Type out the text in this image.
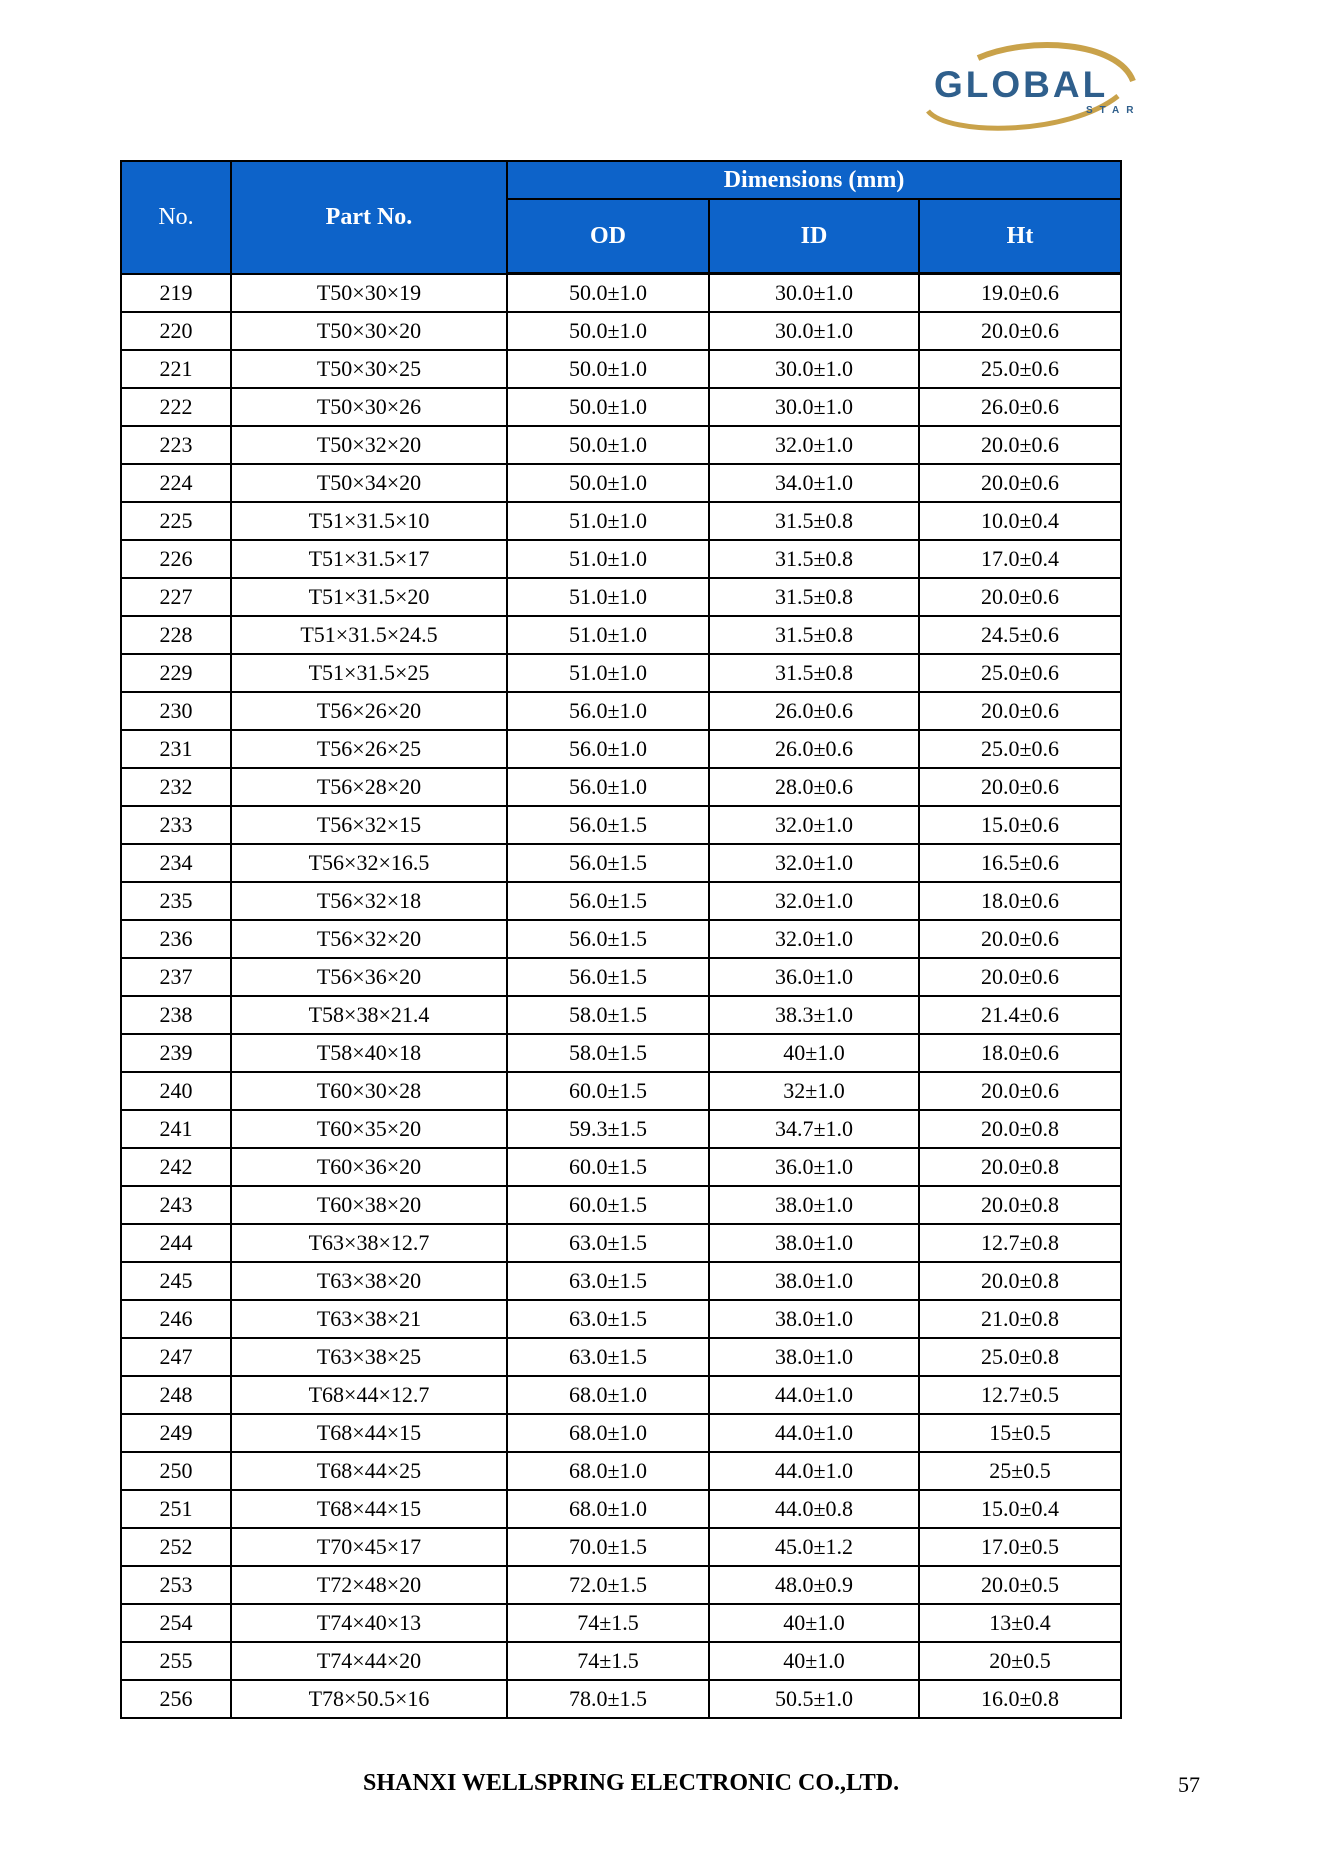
GLOBAL
STAR
No.	Part No.	Dimensions (mm)		
		OD	ID	Ht
219	T50×30×19	50.0±1.0	30.0±1.0	19.0±0.6
220	T50×30×20	50.0±1.0	30.0±1.0	20.0±0.6
221	T50×30×25	50.0±1.0	30.0±1.0	25.0±0.6
222	T50×30×26	50.0±1.0	30.0±1.0	26.0±0.6
223	T50×32×20	50.0±1.0	32.0±1.0	20.0±0.6
224	T50×34×20	50.0±1.0	34.0±1.0	20.0±0.6
225	T51×31.5×10	51.0±1.0	31.5±0.8	10.0±0.4
226	T51×31.5×17	51.0±1.0	31.5±0.8	17.0±0.4
227	T51×31.5×20	51.0±1.0	31.5±0.8	20.0±0.6
228	T51×31.5×24.5	51.0±1.0	31.5±0.8	24.5±0.6
229	T51×31.5×25	51.0±1.0	31.5±0.8	25.0±0.6
230	T56×26×20	56.0±1.0	26.0±0.6	20.0±0.6
231	T56×26×25	56.0±1.0	26.0±0.6	25.0±0.6
232	T56×28×20	56.0±1.0	28.0±0.6	20.0±0.6
233	T56×32×15	56.0±1.5	32.0±1.0	15.0±0.6
234	T56×32×16.5	56.0±1.5	32.0±1.0	16.5±0.6
235	T56×32×18	56.0±1.5	32.0±1.0	18.0±0.6
236	T56×32×20	56.0±1.5	32.0±1.0	20.0±0.6
237	T56×36×20	56.0±1.5	36.0±1.0	20.0±0.6
238	T58×38×21.4	58.0±1.5	38.3±1.0	21.4±0.6
239	T58×40×18	58.0±1.5	40±1.0	18.0±0.6
240	T60×30×28	60.0±1.5	32±1.0	20.0±0.6
241	T60×35×20	59.3±1.5	34.7±1.0	20.0±0.8
242	T60×36×20	60.0±1.5	36.0±1.0	20.0±0.8
243	T60×38×20	60.0±1.5	38.0±1.0	20.0±0.8
244	T63×38×12.7	63.0±1.5	38.0±1.0	12.7±0.8
245	T63×38×20	63.0±1.5	38.0±1.0	20.0±0.8
246	T63×38×21	63.0±1.5	38.0±1.0	21.0±0.8
247	T63×38×25	63.0±1.5	38.0±1.0	25.0±0.8
248	T68×44×12.7	68.0±1.0	44.0±1.0	12.7±0.5
249	T68×44×15	68.0±1.0	44.0±1.0	15±0.5
250	T68×44×25	68.0±1.0	44.0±1.0	25±0.5
251	T68×44×15	68.0±1.0	44.0±0.8	15.0±0.4
252	T70×45×17	70.0±1.5	45.0±1.2	17.0±0.5
253	T72×48×20	72.0±1.5	48.0±0.9	20.0±0.5
254	T74×40×13	74±1.5	40±1.0	13±0.4
255	T74×44×20	74±1.5	40±1.0	20±0.5
256	T78×50.5×16	78.0±1.5	50.5±1.0	16.0±0.8
SHANXI WELLSPRING ELECTRONIC CO.,LTD.	57
